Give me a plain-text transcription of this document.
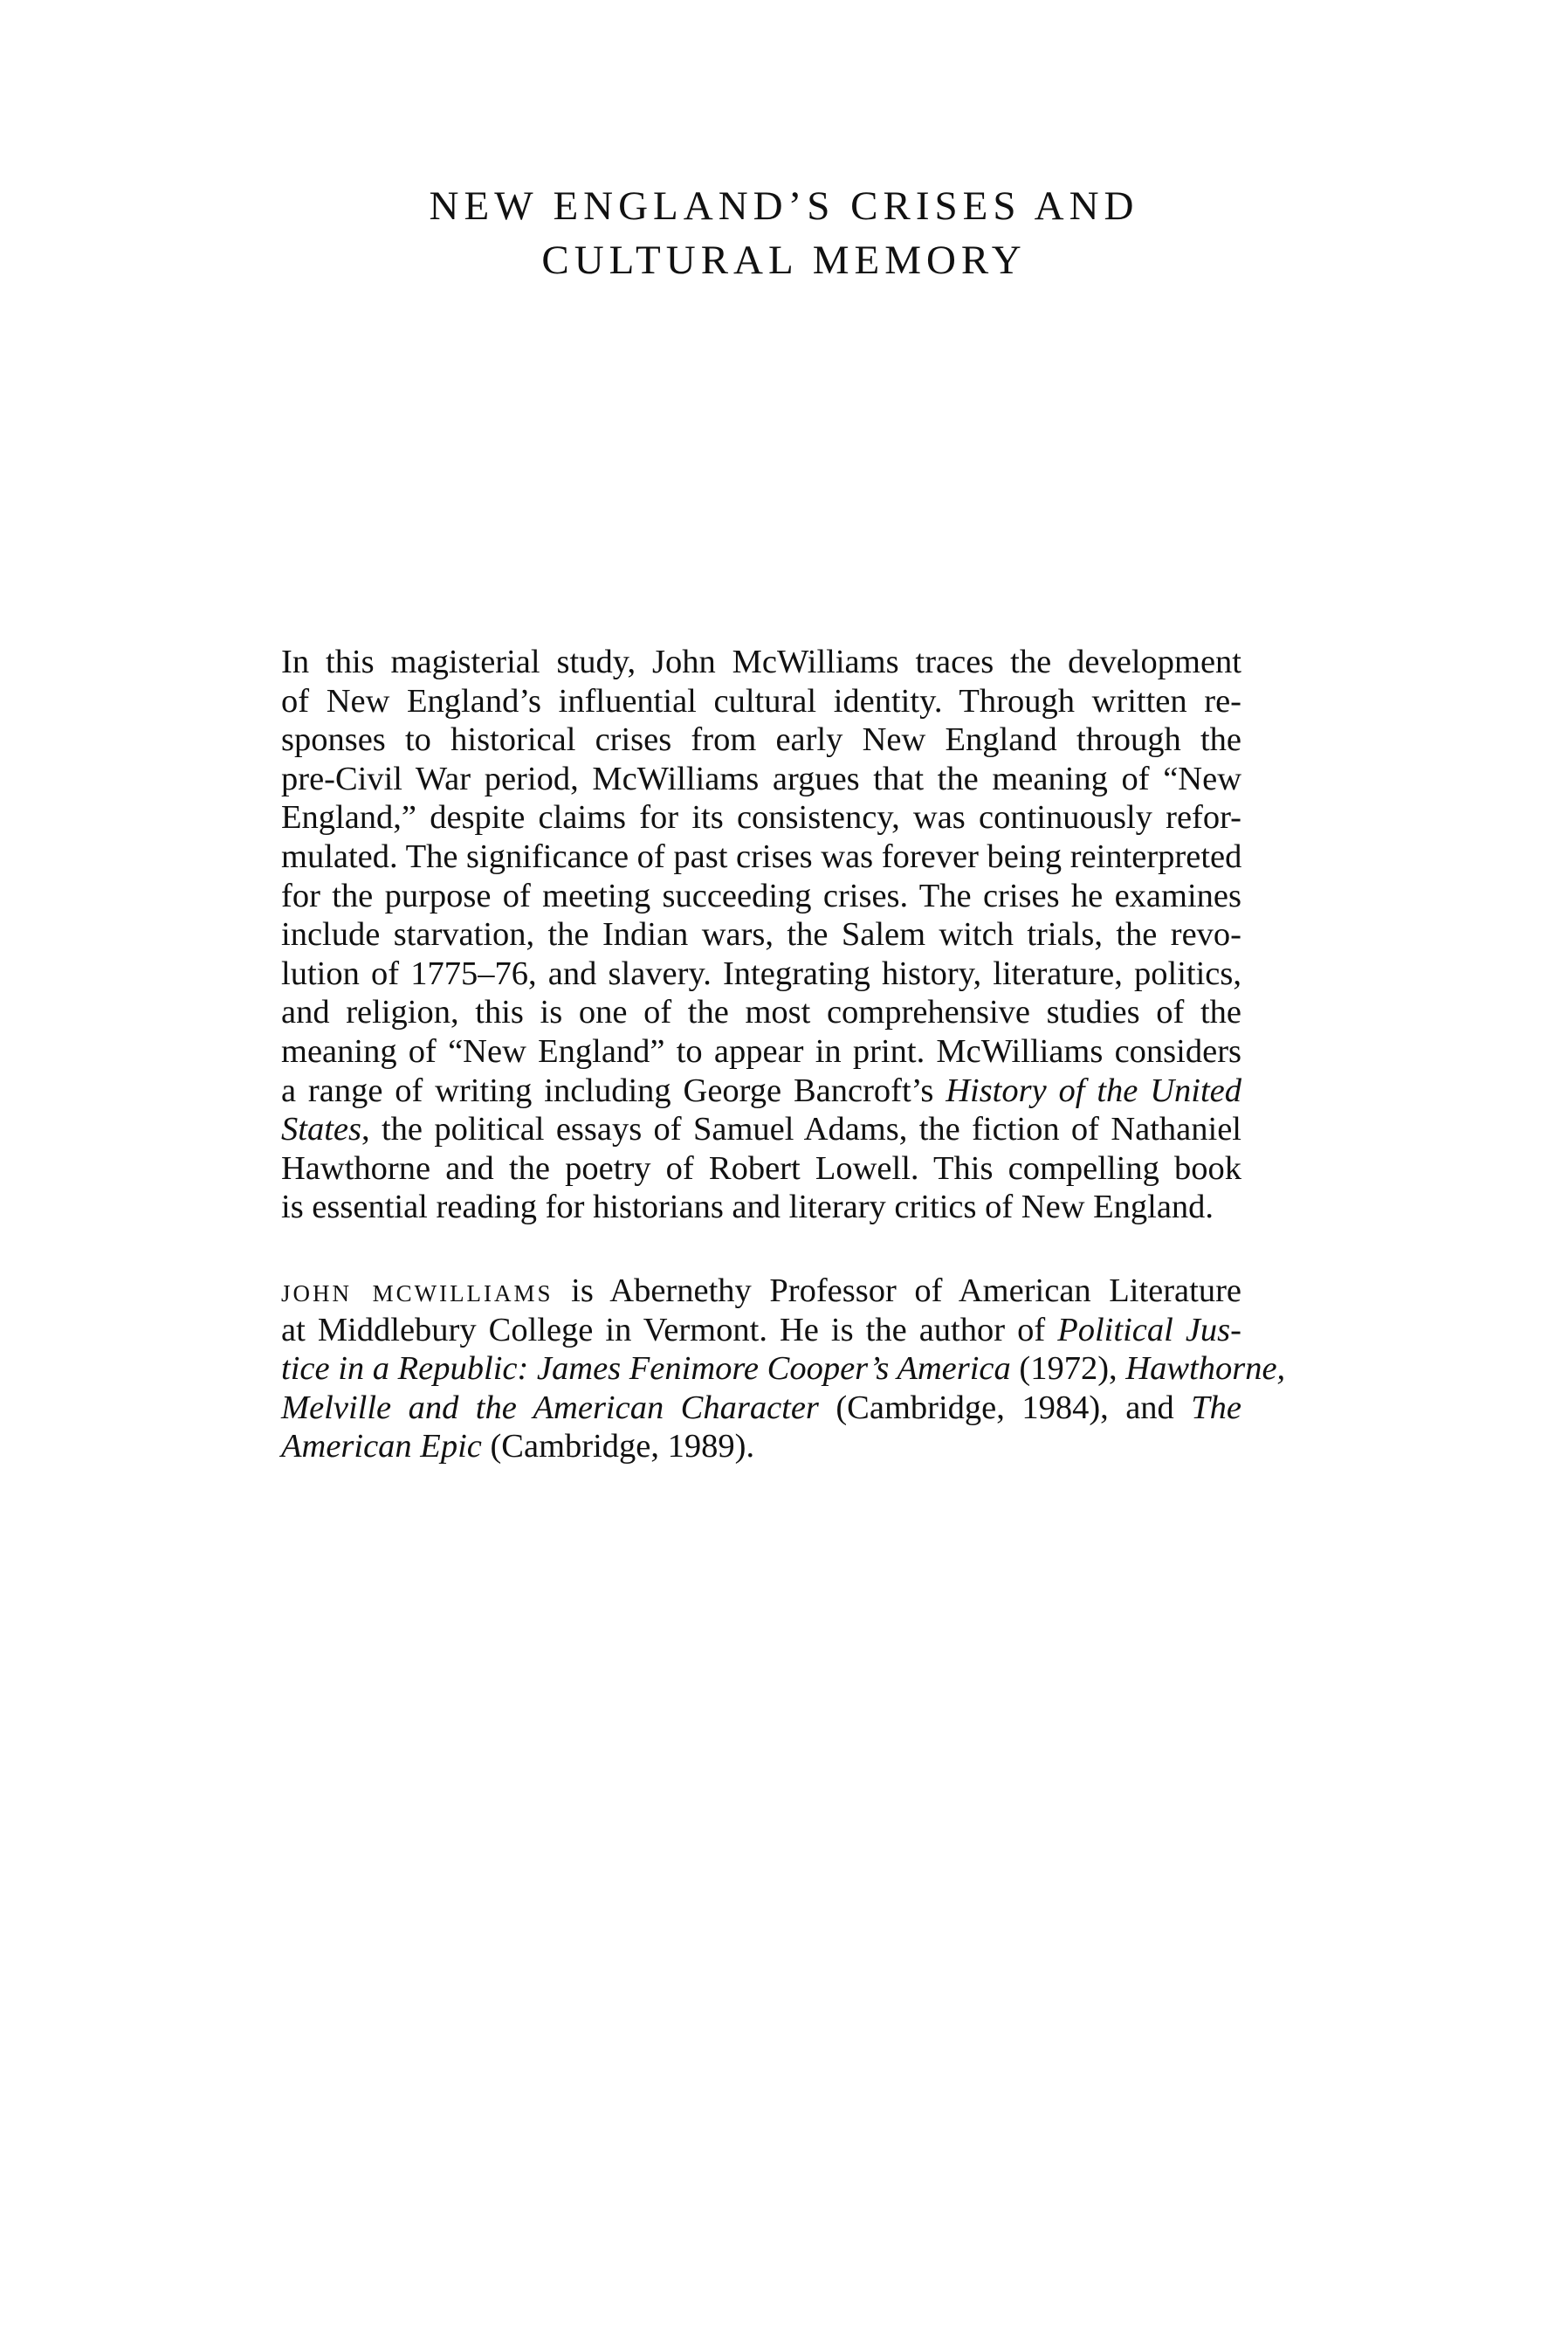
NEW ENGLAND’S CRISES AND
CULTURAL MEMORY
In this magisterial study, John McWilliams traces the development
of New England’s influential cultural identity. Through written re-
sponses to historical crises from early New England through the
pre-Civil War period, McWilliams argues that the meaning of “New
England,” despite claims for its consistency, was continuously refor-
mulated. The significance of past crises was forever being reinterpreted
for the purpose of meeting succeeding crises. The crises he examines
include starvation, the Indian wars, the Salem witch trials, the revo-
lution of 1775–76, and slavery. Integrating history, literature, politics,
and religion, this is one of the most comprehensive studies of the
meaning of “New England” to appear in print. McWilliams considers
a range of writing including George Bancroft’s History of the United
States, the political essays of Samuel Adams, the fiction of Nathaniel
Hawthorne and the poetry of Robert Lowell. This compelling book
is essential reading for historians and literary critics of New England.
john mcwilliams is Abernethy Professor of American Literature
at Middlebury College in Vermont. He is the author of Political Jus-
tice in a Republic: James Fenimore Cooper’s America (1972), Hawthorne,
Melville and the American Character (Cambridge, 1984), and The
American Epic (Cambridge, 1989).
